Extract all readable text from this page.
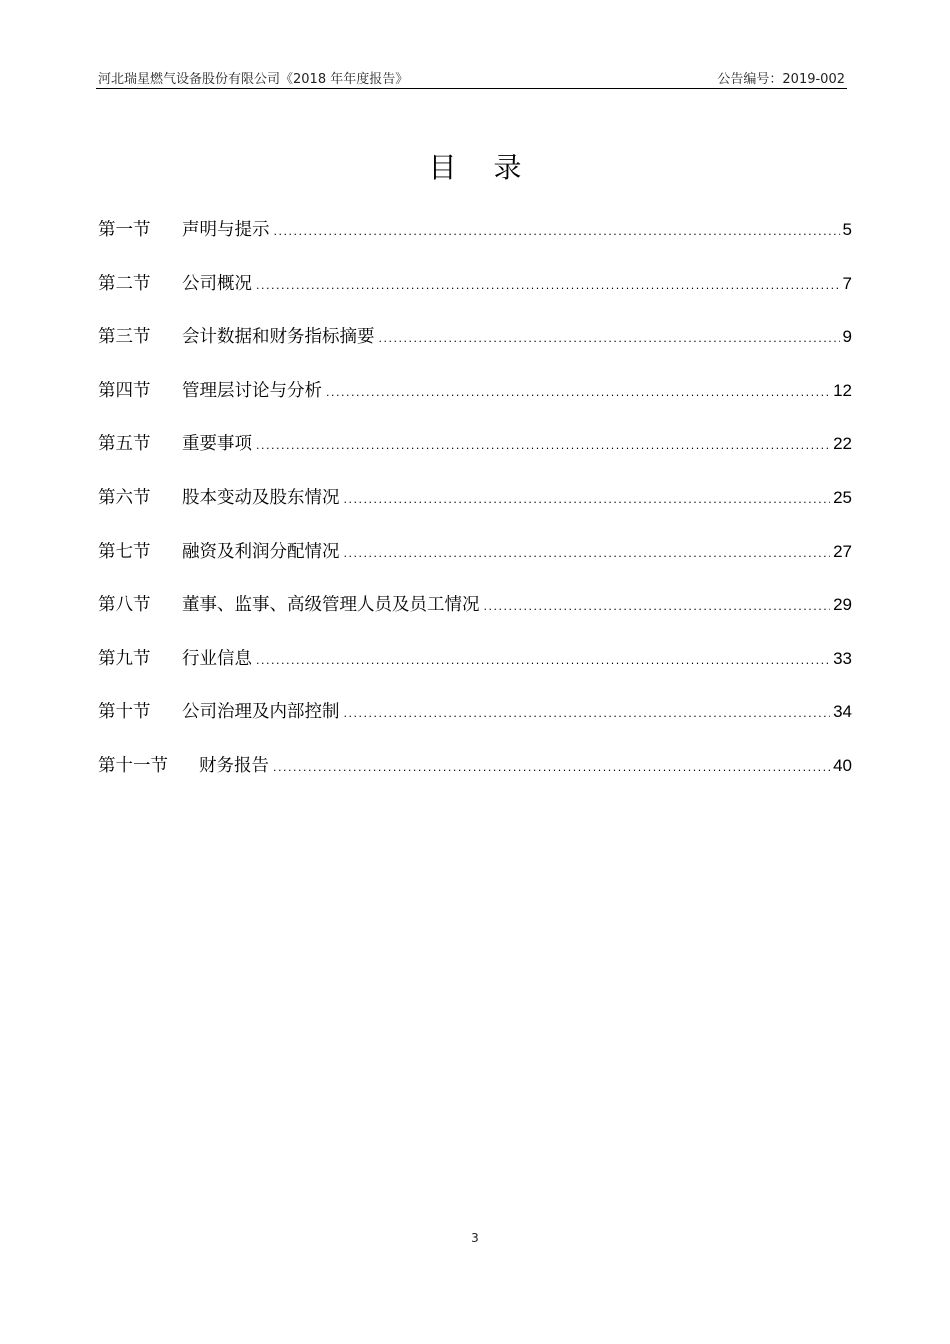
河北瑞星燃气设备股份有限公司《2018 年年度报告》	公告编号：2019-002
目 录
第一节	声明与提示 .....	5
第二节	公司概况 .....	7
第三节	会计数据和财务指标摘要 .....	9
第四节	管理层讨论与分析 .....	12
第五节	重要事项 .....	22
第六节	股本变动及股东情况 .....	25
第七节	融资及利润分配情况 .....	27
第八节	董事、监事、高级管理人员及员工情况 .....	29
第九节	行业信息 .....	33
第十节	公司治理及内部控制 .....	34
第十一节	财务报告 .....	40
3
